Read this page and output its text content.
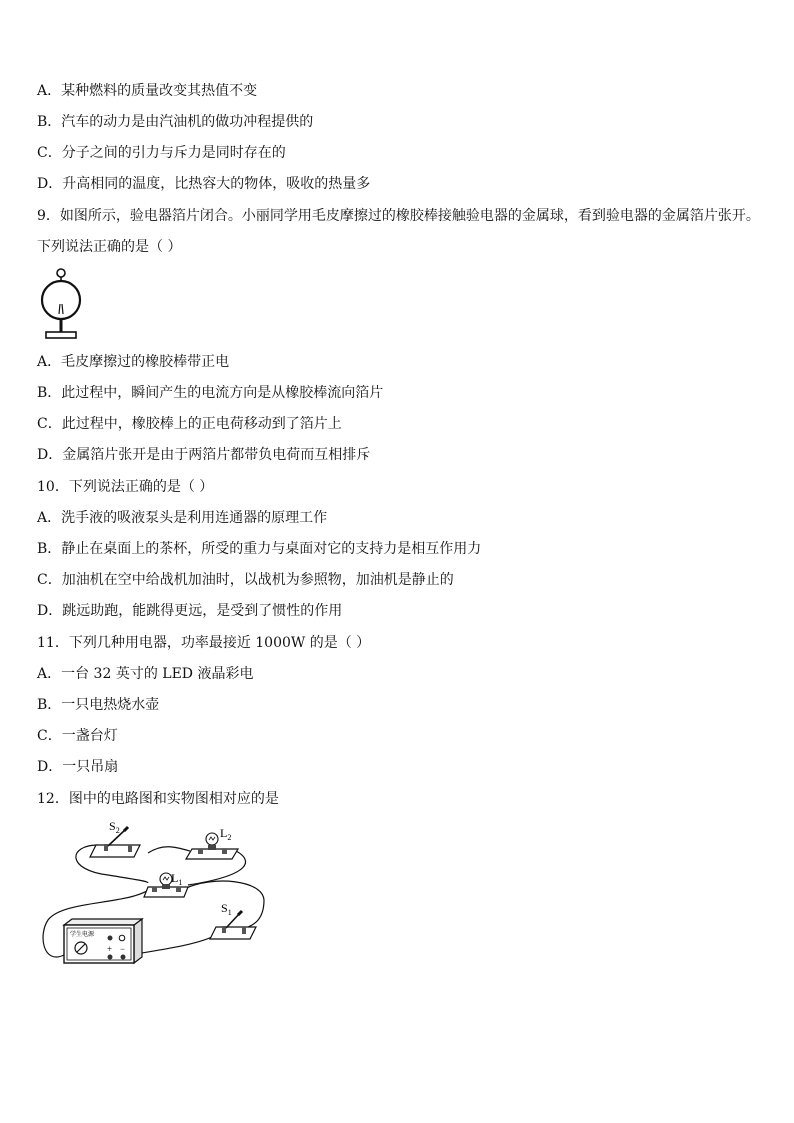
A．某种燃料的质量改变其热值不变
B．汽车的动力是由汽油机的做功冲程提供的
C．分子之间的引力与斥力是同时存在的
D．升高相同的温度，比热容大的物体，吸收的热量多
9．如图所示，验电器箔片闭合。小丽同学用毛皮摩擦过的橡胶棒接触验电器的金属球，看到验电器的金属箔片张开。
下列说法正确的是（ ）
A．毛皮摩擦过的橡胶棒带正电
B．此过程中，瞬间产生的电流方向是从橡胶棒流向箔片
C．此过程中，橡胶棒上的正电荷移动到了箔片上
D．金属箔片张开是由于两箔片都带负电荷而互相排斥
10．下列说法正确的是（ ）
A．洗手液的吸液泵头是利用连通器的原理工作
B．静止在桌面上的茶杯，所受的重力与桌面对它的支持力是相互作用力
C．加油机在空中给战机加油时，以战机为参照物，加油机是静止的
D．跳远助跑，能跳得更远，是受到了惯性的作用
11．下列几种用电器，功率最接近 1000W 的是（ ）
A．一台 32 英寸的 LED 液晶彩电
B．一只电热烧水壶
C．一盏台灯
D．一只吊扇
12．图中的电路图和实物图相对应的是
$S_2$	$L_2$
$L_1$
$S_1$
学生电源
+ −
